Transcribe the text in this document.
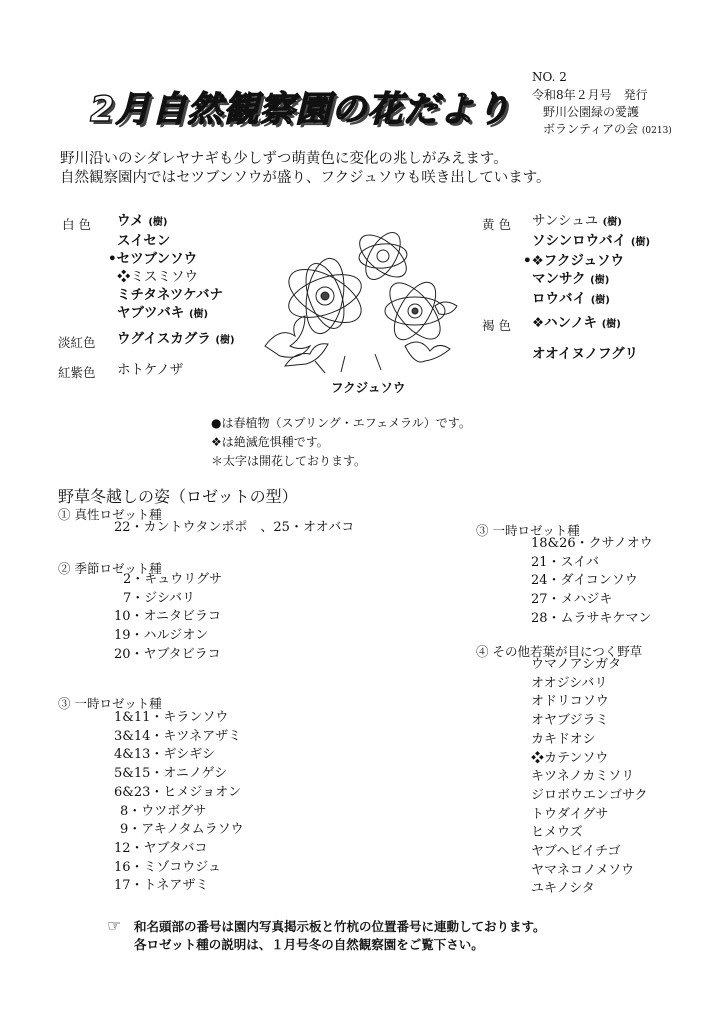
2月自然観察園の花だより
NO. 2
令和8年２月号　発行
野川公園緑の愛護
ボランティアの会 (0213)
野川沿いのシダレヤナギも少しずつ萌黄色に変化の兆しがみえます。
自然観察園内ではセツブンソウが盛り、フクジュソウも咲き出しています。
白 色 ウメ (樹)
スイセン
•セツブンソウ
❖ミスミソウ
ミチタネツケバナ
ヤブツバキ (樹)
淡紅色 ウグイスカグラ (樹)
紅紫色 ホトケノザ
黄 色 サンシュユ (樹)
ソシンロウバイ (樹)
•❖フクジュソウ
マンサク (樹)
ロウバイ (樹)
褐 色 ❖ハンノキ (樹)
オオイヌノフグリ
フクジュソウ
●は春植物（スプリング・エフェメラル）です。
❖は絶滅危惧種です。
＊太字は開花しております。
野草冬越しの姿（ロゼットの型）
① 真性ロゼット種
22・カントウタンポポ　、25・オオバコ
② 季節ロゼット種
2・キュウリグサ
7・ジシバリ
10・オニタビラコ
19・ハルジオン
20・ヤブタビラコ
③ 一時ロゼット種
1&11・キランソウ
3&14・キツネアザミ
4&13・ギシギシ
5&15・オニノゲシ
6&23・ヒメジョオン
8・ウツボグサ
9・アキノタムラソウ
12・ヤブタバコ
16・ミゾコウジュ
17・トネアザミ
③ 一時ロゼット種
18&26・クサノオウ
21・スイバ
24・ダイコンソウ
27・メハジキ
28・ムラサキケマン
④ その他若葉が目につく野草
ウマノアシガタ
オオジシバリ
オドリコソウ
オヤブジラミ
カキドオシ
❖カテンソウ
キツネノカミソリ
ジロボウエンゴサク
トウダイグサ
ヒメウズ
ヤブヘビイチゴ
ヤマネコノメソウ
ユキノシタ
☞ 和名頭部の番号は園内写真掲示板と竹杭の位置番号に連動しております。
各ロゼット種の説明は、１月号冬の自然観察園をご覧下さい。
